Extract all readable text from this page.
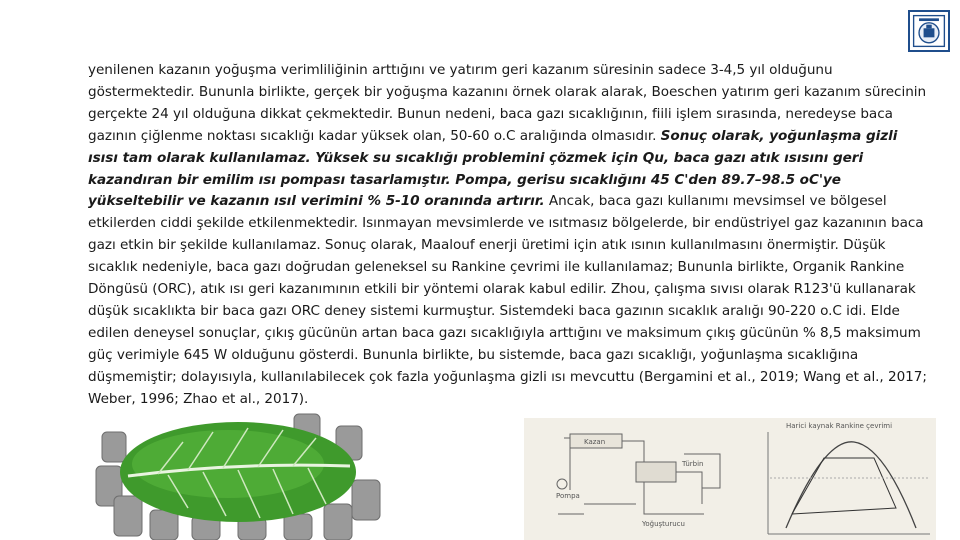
yenilenen kazanın yoğuşma verimliliğinin arttığını ve yatırım geri kazanım süresinin sadece 3-4,5 yıl olduğunu göstermektedir. Bununla birlikte, gerçek bir yoğuşma kazanını örnek olarak alarak, Boeschen yatırım geri kazanım sürecinin gerçekte 24 yıl olduğuna dikkat çekmektedir. Bunun nedeni, baca gazı sıcaklığının, fiili işlem sırasında, neredeyse baca gazının çiğlenme noktası sıcaklığı kadar yüksek olan, 50-60 o.C aralığında olmasıdır. Sonuç olarak, yoğunlaşma gizli ısısı tam olarak kullanılamaz. Yüksek su sıcaklığı problemini çözmek için Qu, baca gazı atık ısısını geri kazandıran bir emilim ısı pompası tasarlamıştır. Pompa, gerisu sıcaklığını 45 C'den 89.7–98.5 oC'ye yükseltebilir ve kazanın ısıl verimini % 5-10 oranında artırır. Ancak, baca gazı kullanımı mevsimsel ve bölgesel etkilerden ciddi şekilde etkilenmektedir. Isınmayan mevsimlerde ve ısıtmasız bölgelerde, bir endüstriyel gaz kazanının baca gazı etkin bir şekilde kullanılamaz. Sonuç olarak, Maalouf enerji üretimi için atık ısının kullanılmasını önermiştir. Düşük sıcaklık nedeniyle, baca gazı doğrudan geleneksel su Rankine çevrimi ile kullanılamaz; Bununla birlikte, Organik Rankine Döngüsü (ORC), atık ısı geri kazanımının etkili bir yöntemi olarak kabul edilir. Zhou, çalışma sıvısı olarak R123'ü kullanarak düşük sıcaklıkta bir baca gazı ORC deney sistemi kurmuştur. Sistemdeki baca gazının sıcaklık aralığı 90-220 o.C idi. Elde edilen deneysel sonuçlar, çıkış gücünün artan baca gazı sıcaklığıyla arttığını ve maksimum çıkış gücünün % 8,5 maksimum güç verimiyle 645 W olduğunu gösterdi. Bununla birlikte, bu sistemde, baca gazı sıcaklığı, yoğunlaşma sıcaklığına düşmemiştir; dolayısıyla, kullanılabilecek çok fazla yoğunlaşma gizli ısı mevcuttu (Bergamini et al., 2019; Wang et al., 2017; Weber, 1996; Zhao et al., 2017).

Kazan
Pompa
Yoğuşturucu
Türbin
Harici kaynak Rankine çevrimi
